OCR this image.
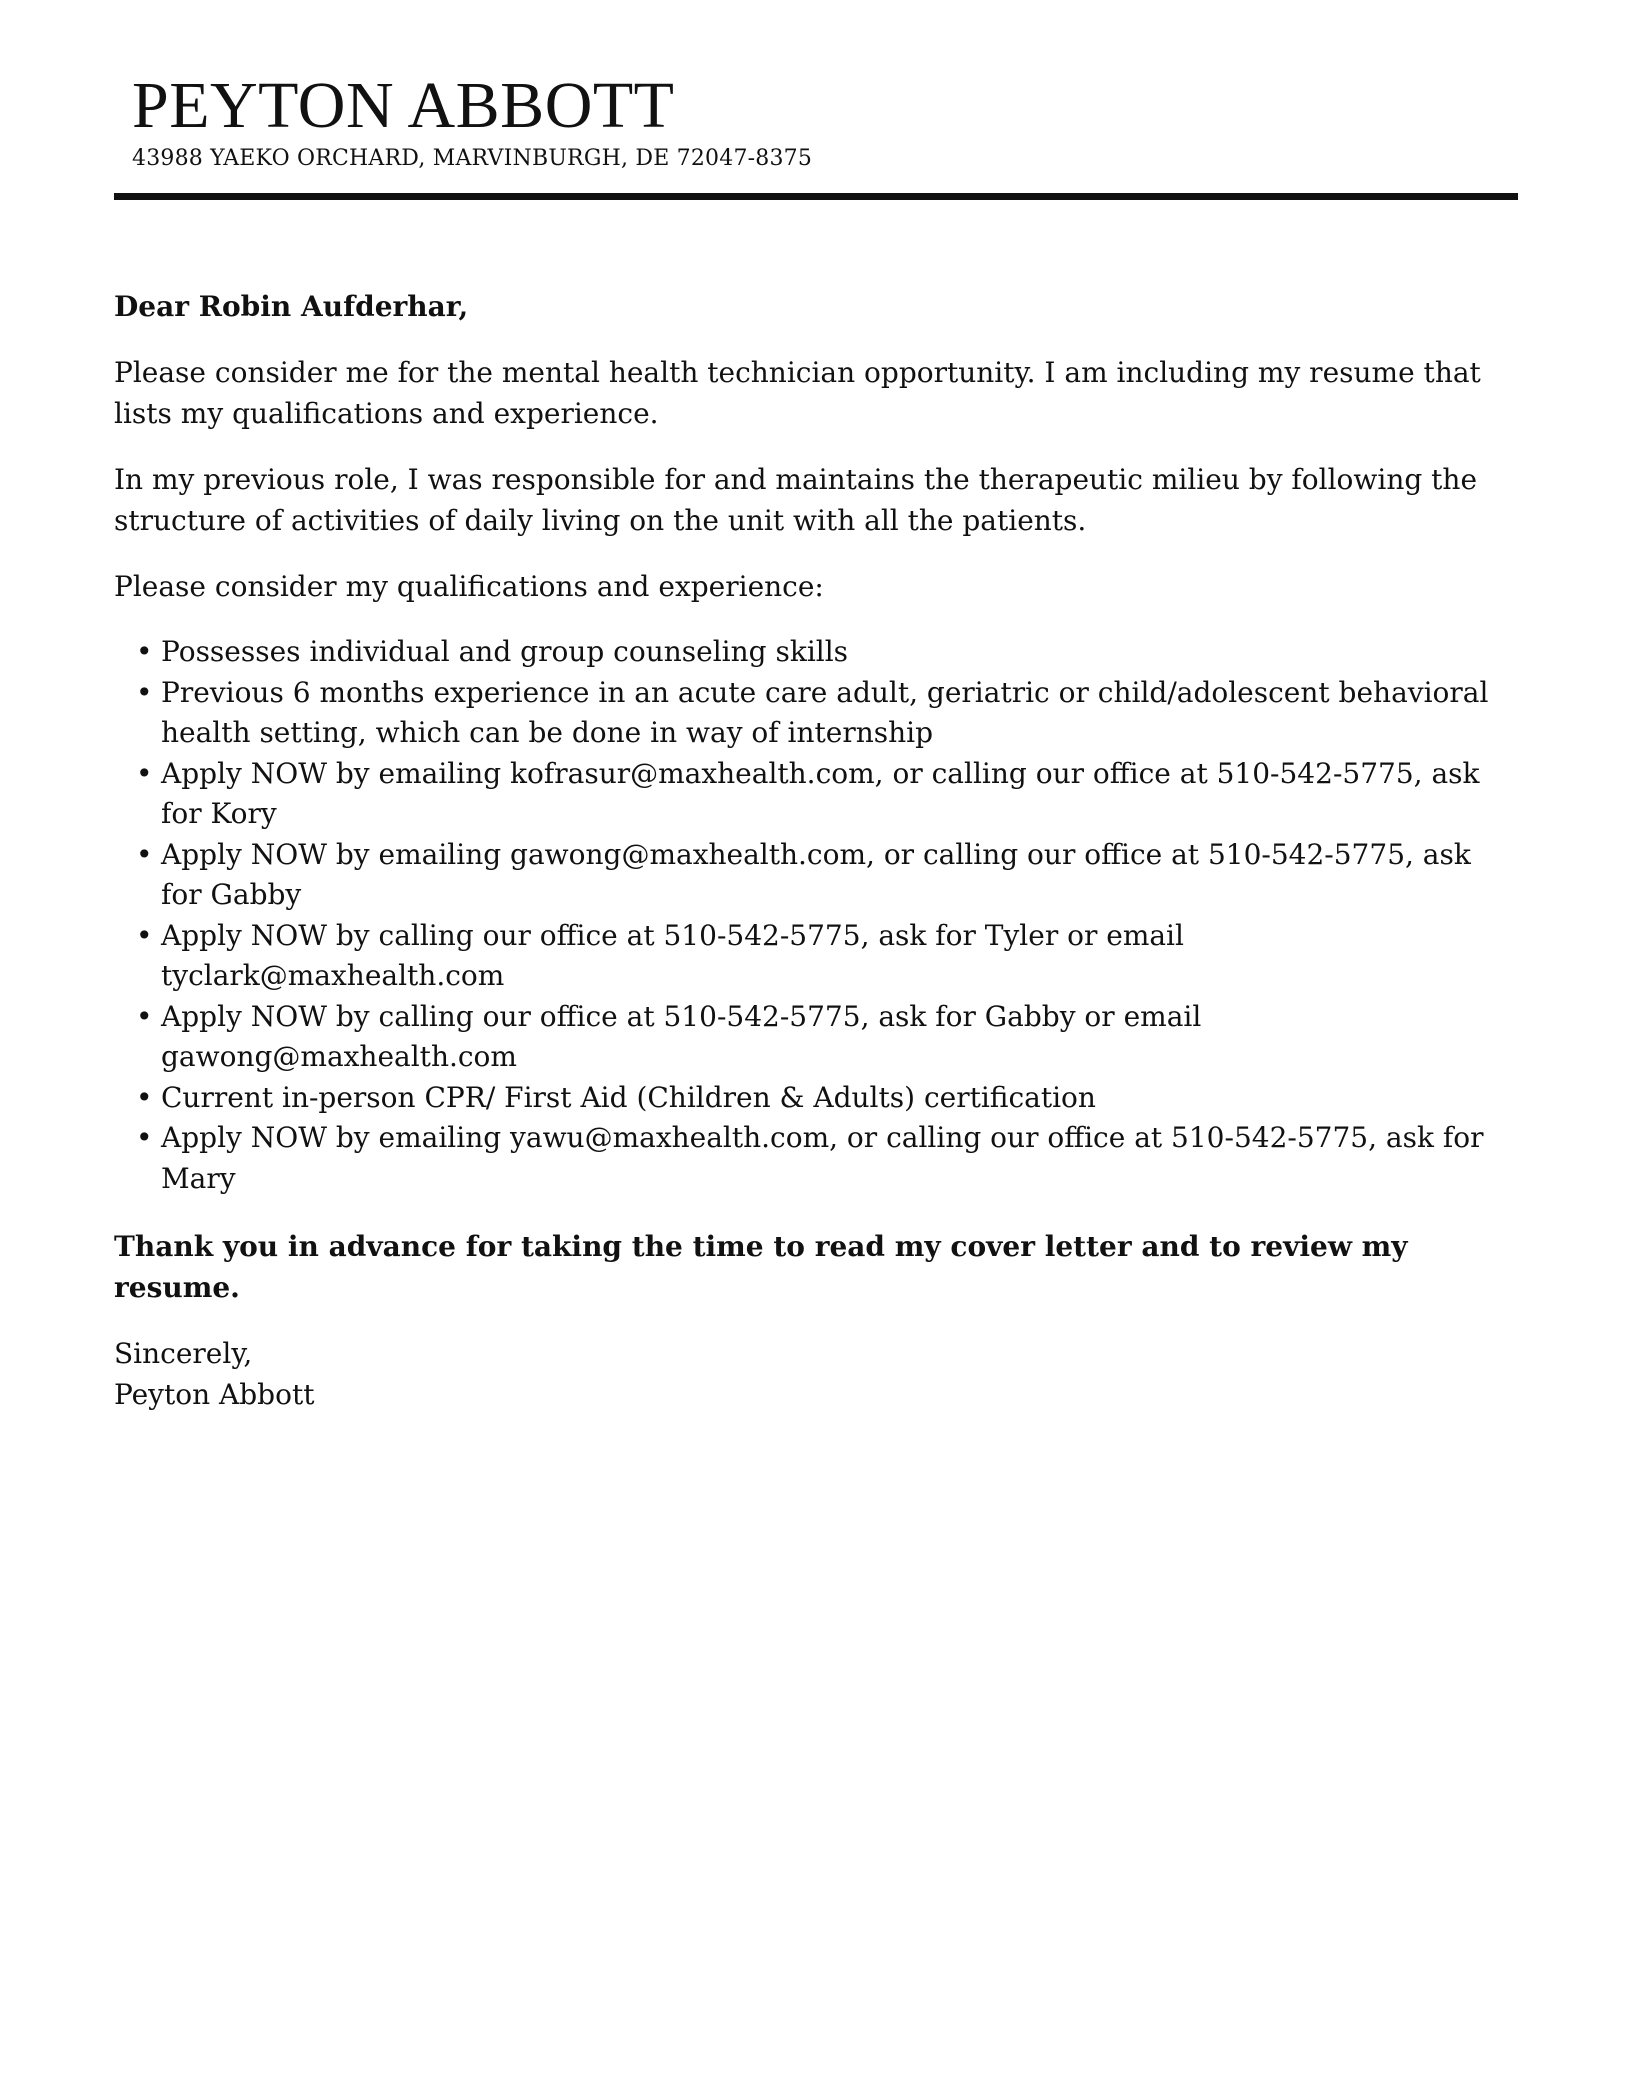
PEYTON ABBOTT
43988 YAEKO ORCHARD, MARVINBURGH, DE 72047-8375

Dear Robin Aufderhar,

Please consider me for the mental health technician opportunity. I am including my resume that lists my qualifications and experience.

In my previous role, I was responsible for and maintains the therapeutic milieu by following the structure of activities of daily living on the unit with all the patients.

Please consider my qualifications and experience:

• Possesses individual and group counseling skills
• Previous 6 months experience in an acute care adult, geriatric or child/adolescent behavioral health setting, which can be done in way of internship
• Apply NOW by emailing kofrasur@maxhealth.com, or calling our office at 510-542-5775, ask for Kory
• Apply NOW by emailing gawong@maxhealth.com, or calling our office at 510-542-5775, ask for Gabby
• Apply NOW by calling our office at 510-542-5775, ask for Tyler or email tyclark@maxhealth.com
• Apply NOW by calling our office at 510-542-5775, ask for Gabby or email gawong@maxhealth.com
• Current in-person CPR/ First Aid (Children & Adults) certification
• Apply NOW by emailing yawu@maxhealth.com, or calling our office at 510-542-5775, ask for Mary

Thank you in advance for taking the time to read my cover letter and to review my resume.

Sincerely,

Peyton Abbott
